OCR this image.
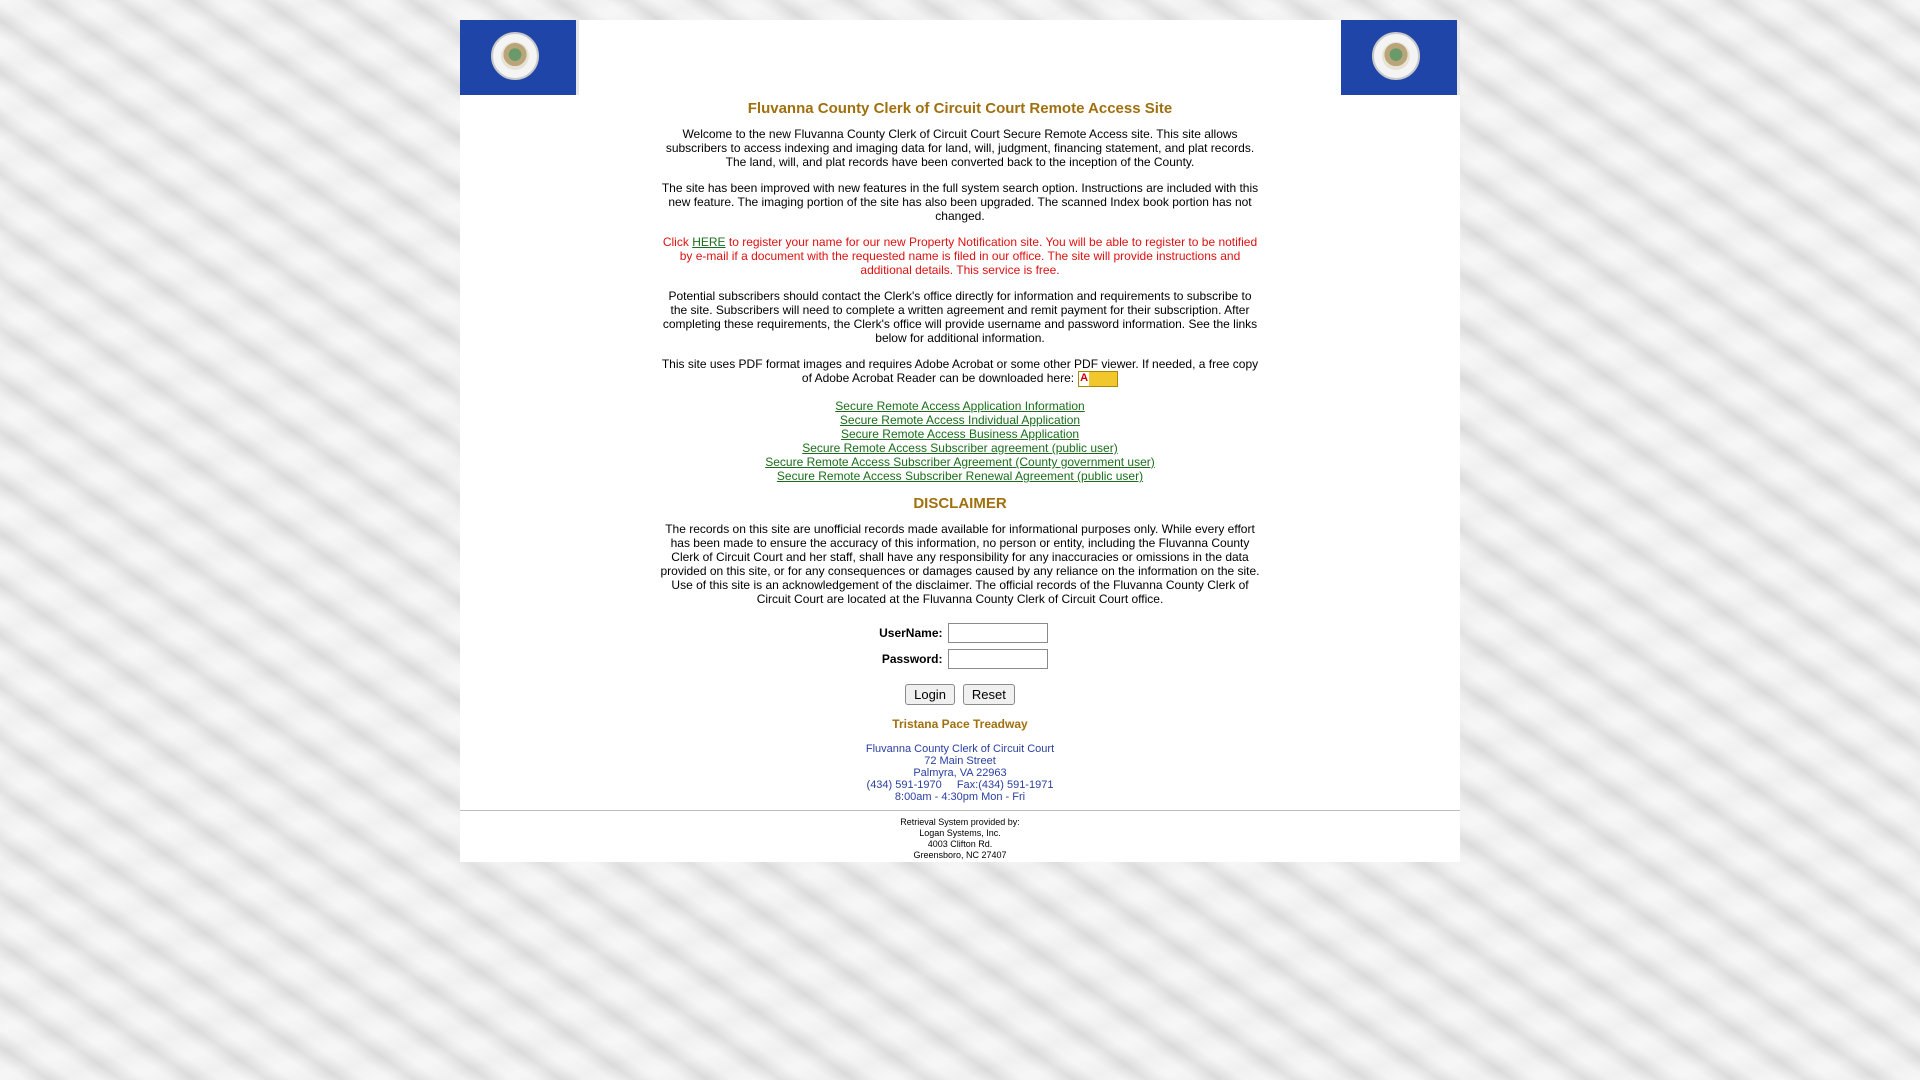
Fluvanna County Clerk of Circuit Court Remote Access Site

Welcome to the new Fluvanna County Clerk of Circuit Court Secure Remote Access site. This site allows subscribers to access indexing and imaging data for land, will, judgment, financing statement, and plat records. The land, will, and plat records have been converted back to the inception of the County.

The site has been improved with new features in the full system search option. Instructions are included with this new feature. The imaging portion of the site has also been upgraded. The scanned Index book portion has not changed.

Click HERE to register your name for our new Property Notification site. You will be able to register to be notified by e-mail if a document with the requested name is filed in our office. The site will provide instructions and additional details. This service is free.

Potential subscribers should contact the Clerk's office directly for information and requirements to subscribe to the site. Subscribers will need to complete a written agreement and remit payment for their subscription. After completing these requirements, the Clerk's office will provide username and password information. See the links below for additional information.

This site uses PDF format images and requires Adobe Acrobat or some other PDF viewer. If needed, a free copy of Adobe Acrobat Reader can be downloaded here:A

Secure Remote Access Application Information
Secure Remote Access Individual Application
Secure Remote Access Business Application
Secure Remote Access Subscriber agreement (public user)
Secure Remote Access Subscriber Agreement (County government user)
Secure Remote Access Subscriber Renewal Agreement (public user)
DISCLAIMER

The records on this site are unofficial records made available for informational purposes only. While every effort has been made to ensure the accuracy of this information, no person or entity, including the Fluvanna County Clerk of Circuit Court and her staff, shall have any responsibility for any inaccuracies or omissions in the data provided on this site, or for any consequences or damages caused by any reliance on the information on the site. Use of this site is an acknowledgement of the disclaimer. The official records of the Fluvanna County Clerk of Circuit Court are located at the Fluvanna County Clerk of Circuit Court office.

UserName:
Password:
Login	Reset
Tristana Pace Treadway
Fluvanna County Clerk of Circuit Court
72 Main Street
Palmyra, VA 22963
(434) 591-1970 Fax:(434) 591-1971
8:00am - 4:30pm Mon - Fri
Retrieval System provided by:
Logan Systems, Inc.
4003 Clifton Rd.
Greensboro, NC 27407
